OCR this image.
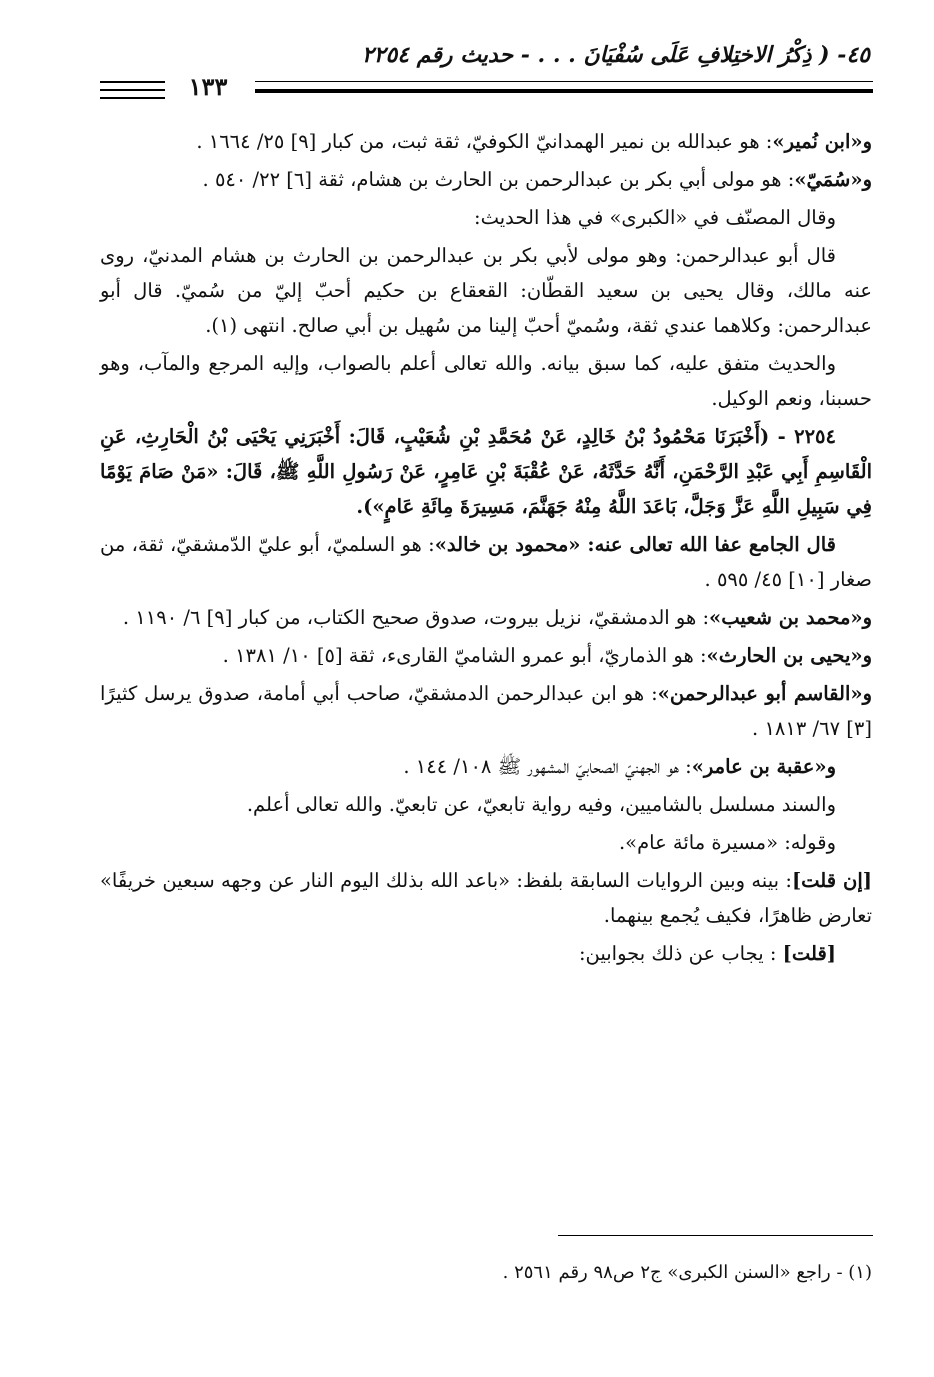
٤٥- ( ذِكْرُ الاختِلافِ عَلَى سُفْيَانَ . . . - حديث رقم ٢٢٥٤
١٣٣

و«ابن نُمير»: هو عبدالله بن نمير الهمدانيّ الكوفيّ، ثقة ثبت، من كبار [٩] ٢٥/ ١٦٦٤ .

و«سُمَيّ»: هو مولى أبي بكر بن عبدالرحمن بن الحارث بن هشام، ثقة [٦] ٢٢/ ٥٤٠ .

وقال المصنّف في «الكبرى» في هذا الحديث:

قال أبو عبدالرحمن: وهو مولى لأبي بكر بن عبدالرحمن بن الحارث بن هشام المدنيّ، روى عنه مالك، وقال يحيى بن سعيد القطّان: القعقاع بن حكيم أحبّ إليّ من سُميّ. قال أبو عبدالرحمن: وكلاهما عندي ثقة، وسُميّ أحبّ إلينا من سُهيل بن أبي صالح. انتهى (١).

والحديث متفق عليه، كما سبق بيانه. والله تعالى أعلم بالصواب، وإليه المرجع والمآب، وهو حسبنا، ونعم الوكيل.

٢٢٥٤ - (أَخْبَرَنَا مَحْمُودُ بْنُ خَالِدٍ، عَنْ مُحَمَّدِ بْنِ شُعَيْبٍ، قَالَ: أَخْبَرَنِي يَحْيَى بْنُ الْحَارِثِ، عَنِ الْقَاسِمِ أَبِي عَبْدِ الرَّحْمَنِ، أَنَّهُ حَدَّثَهُ، عَنْ عُقْبَةَ بْنِ عَامِرٍ، عَنْ رَسُولِ اللَّهِ ﷺ، قَالَ: «مَنْ صَامَ يَوْمًا فِي سَبِيلِ اللَّهِ عَزَّ وَجَلَّ، بَاعَدَ اللَّهُ مِنْهُ جَهَنَّمَ، مَسِيرَةَ مِائَةِ عَامٍ»).

قال الجامع عفا الله تعالى عنه: «محمود بن خالد»: هو السلميّ، أبو عليّ الدّمشقيّ، ثقة، من صغار [١٠] ٤٥/ ٥٩٥ .

و«محمد بن شعيب»: هو الدمشقيّ، نزيل بيروت، صدوق صحيح الكتاب، من كبار [٩] ٦/ ١١٩٠ .

و«يحيى بن الحارث»: هو الذماريّ، أبو عمرو الشاميّ القارىء، ثقة [٥] ١٠/ ١٣٨١ .

و«القاسم أبو عبدالرحمن»: هو ابن عبدالرحمن الدمشقيّ، صاحب أبي أمامة، صدوق يرسل كثيرًا [٣] ٦٧/ ١٨١٣ .

و«عقبة بن عامر»: هو الجهنيّ الصحابيّ المشهور ﷺ ١٠٨/ ١٤٤ .

والسند مسلسل بالشاميين، وفيه رواية تابعيّ، عن تابعيّ. والله تعالى أعلم.

وقوله: «مسيرة مائة عام».

[إن قلت]: بينه وبين الروايات السابقة بلفظ: «باعد الله بذلك اليوم النار عن وجهه سبعين خريفًا» تعارض ظاهرًا، فكيف يُجمع بينهما.

[قلت] : يجاب عن ذلك بجوابين:

(١) - راجع «السنن الكبرى» ج٢ ص٩٨ رقم ٢٥٦١ .
